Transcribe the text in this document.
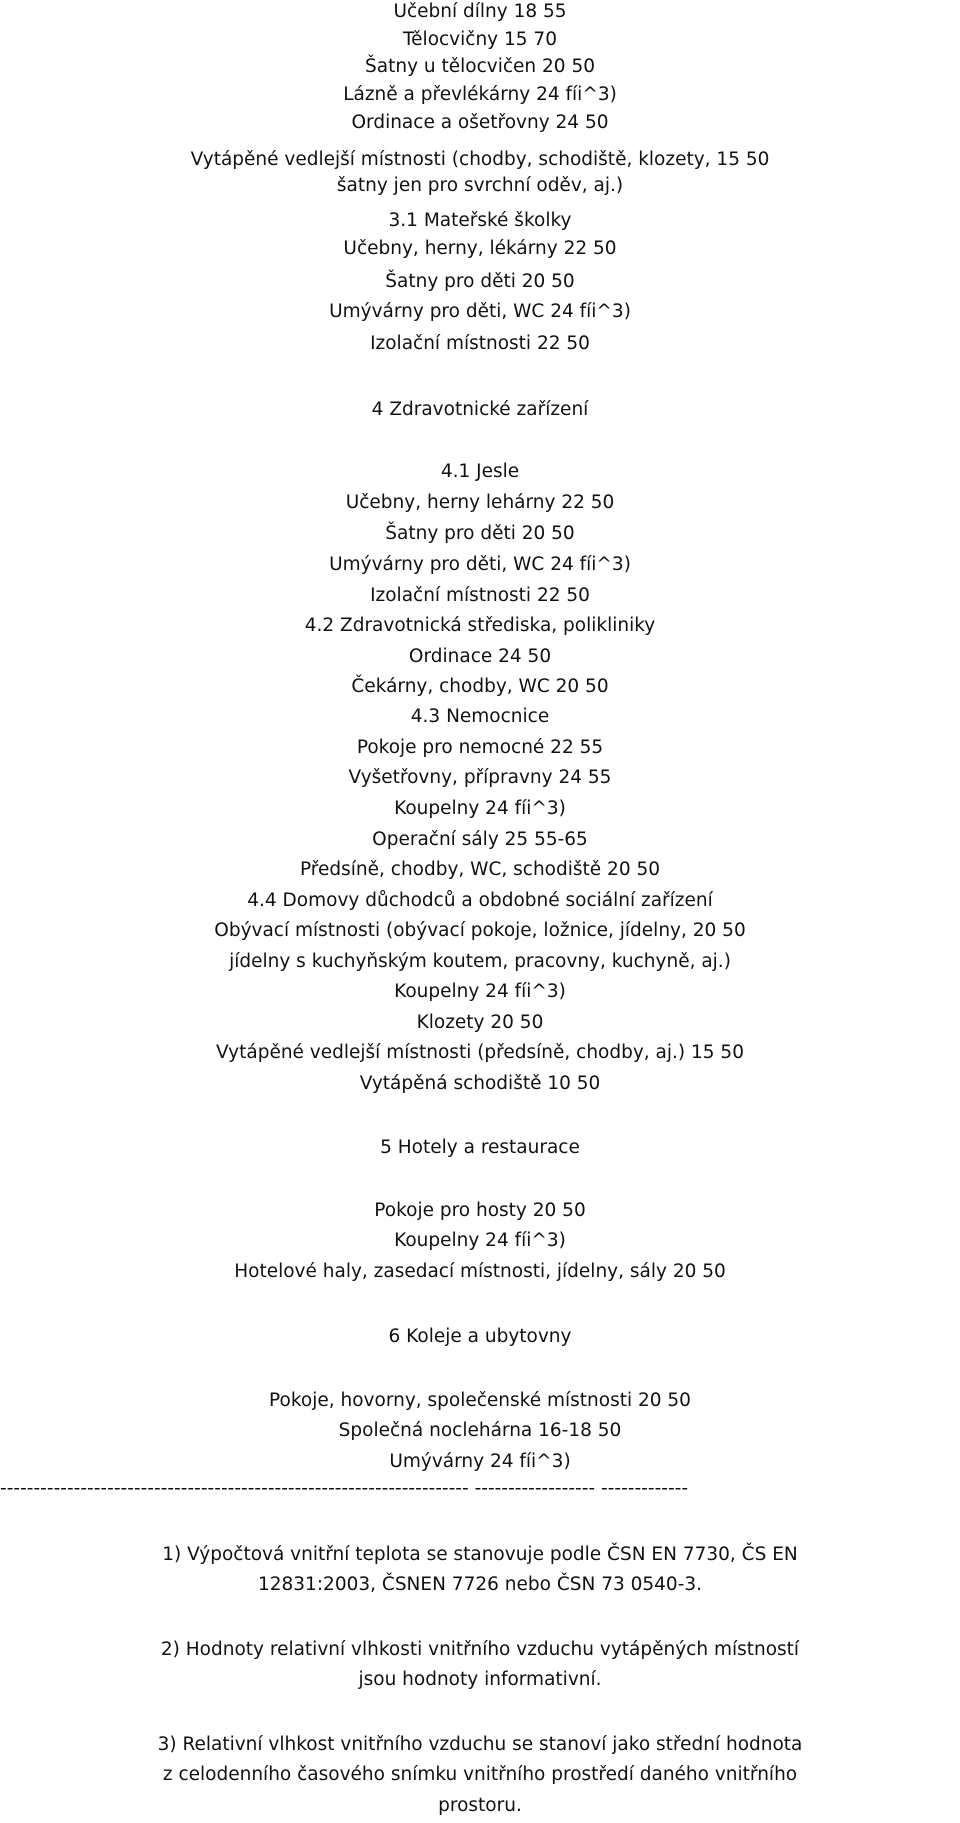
Učební dílny 18 55
Tělocvičny 15 70
Šatny u tělocvičen 20 50
Lázně a převlékárny 24 fíi^3)
Ordinace a ošetřovny 24 50
Vytápěné vedlejší místnosti (chodby, schodiště, klozety, 15 50
šatny jen pro svrchní oděv, aj.)
3.1 Mateřské školky
Učebny, herny, lékárny 22 50
Šatny pro děti 20 50
Umývárny pro děti, WC 24 fíi^3)
Izolační místnosti 22 50
4 Zdravotnické zařízení
4.1 Jesle
Učebny, herny lehárny 22 50
Šatny pro děti 20 50
Umývárny pro děti, WC 24 fíi^3)
Izolační místnosti 22 50
4.2 Zdravotnická střediska, polikliniky
Ordinace 24 50
Čekárny, chodby, WC 20 50
4.3 Nemocnice
Pokoje pro nemocné 22 55
Vyšetřovny, přípravny 24 55
Koupelny 24 fíi^3)
Operační sály 25 55-65
Předsíně, chodby, WC, schodiště 20 50
4.4 Domovy důchodců a obdobné sociální zařízení
Obývací místnosti (obývací pokoje, ložnice, jídelny, 20 50
jídelny s kuchyňským koutem, pracovny, kuchyně, aj.)
Koupelny 24 fíi^3)
Klozety 20 50
Vytápěné vedlejší místnosti (předsíně, chodby, aj.) 15 50
Vytápěná schodiště 10 50
5 Hotely a restaurace
Pokoje pro hosty 20 50
Koupelny 24 fíi^3)
Hotelové haly, zasedací místnosti, jídelny, sály 20 50
6 Koleje a ubytovny
Pokoje, hovorny, společenské místnosti 20 50
Společná noclehárna 16-18 50
Umývárny 24 fíi^3)
---------------------------------------------------------------------- ------------------ -------------
1) Výpočtová vnitřní teplota se stanovuje podle ČSN EN 7730, ČS EN
12831:2003, ČSNEN 7726 nebo ČSN 73 0540-3.
2) Hodnoty relativní vlhkosti vnitřního vzduchu vytápěných místností
jsou hodnoty informativní.
3) Relativní vlhkost vnitřního vzduchu se stanoví jako střední hodnota
z celodenního časového snímku vnitřního prostředí daného vnitřního
prostoru.
